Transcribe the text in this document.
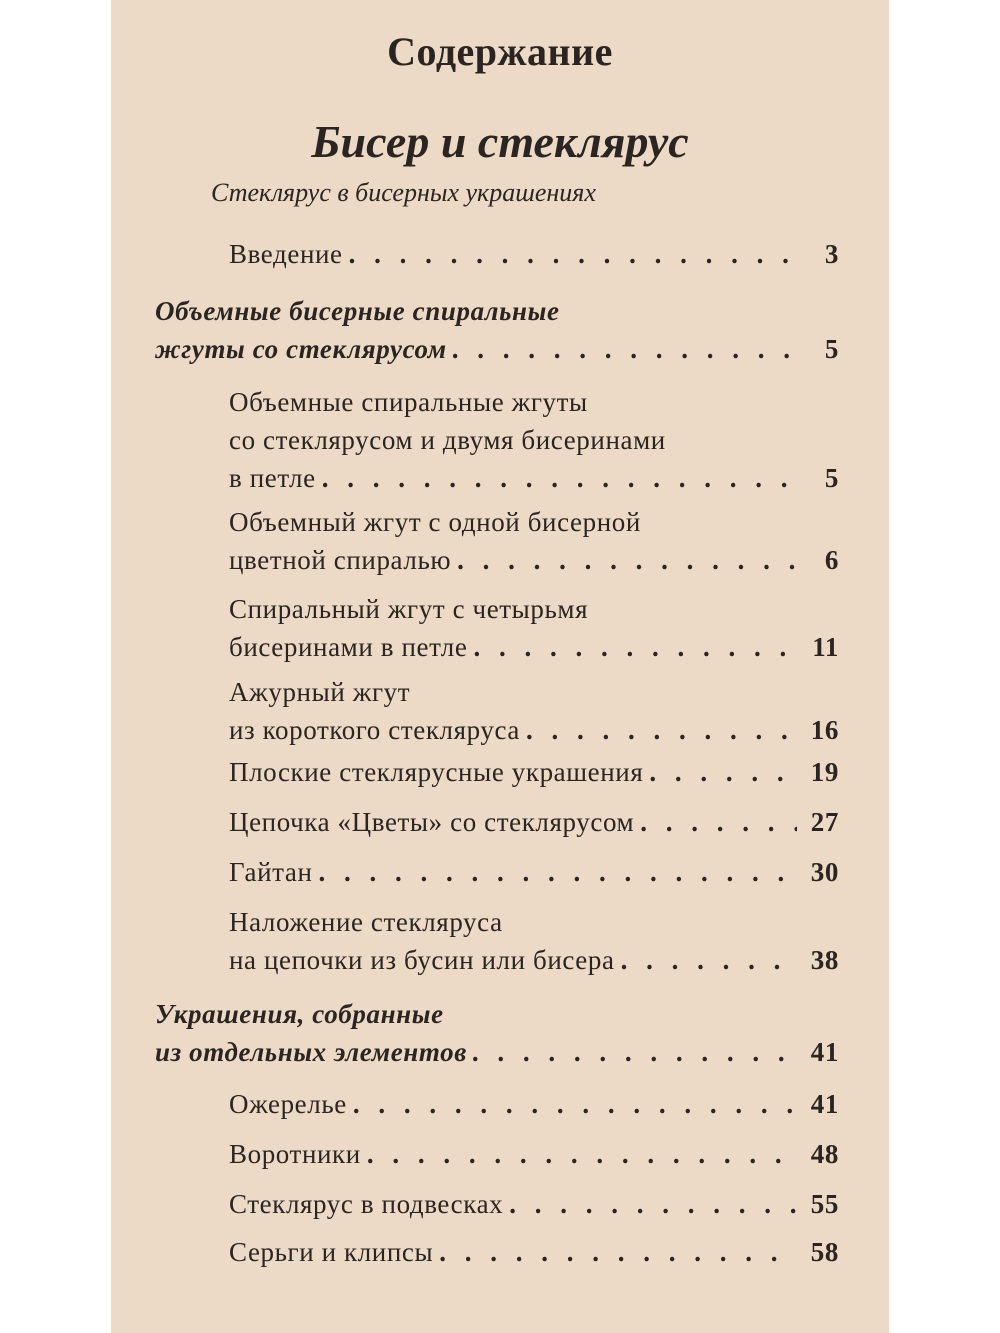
Содержание
Бисер и стеклярус
Стеклярус в бисерных украшениях
Введение . . .	3
Объемные бисерные спиральные
жгуты со стеклярусом . . .	5
Объемные спиральные жгуты
со стеклярусом и двумя бисеринами
в петле . . .	5
Объемный жгут с одной бисерной
цветной спиралью . . .	6
Спиральный жгут с четырьмя
бисеринами в петле . . .	11
Ажурный жгут
из короткого стекляруса . . .	16
Плоские стеклярусные украшения . . .	19
Цепочка «Цветы» со стеклярусом . . .	27
Гайтан . . .	30
Наложение стекляруса
на цепочки из бусин или бисера . . .	38
Украшения, собранные
из отдельных элементов . . .	41
Ожерелье . . .	41
Воротники . . .	48
Стеклярус в подвесках . . .	55
Серьги и клипсы . . .	58
